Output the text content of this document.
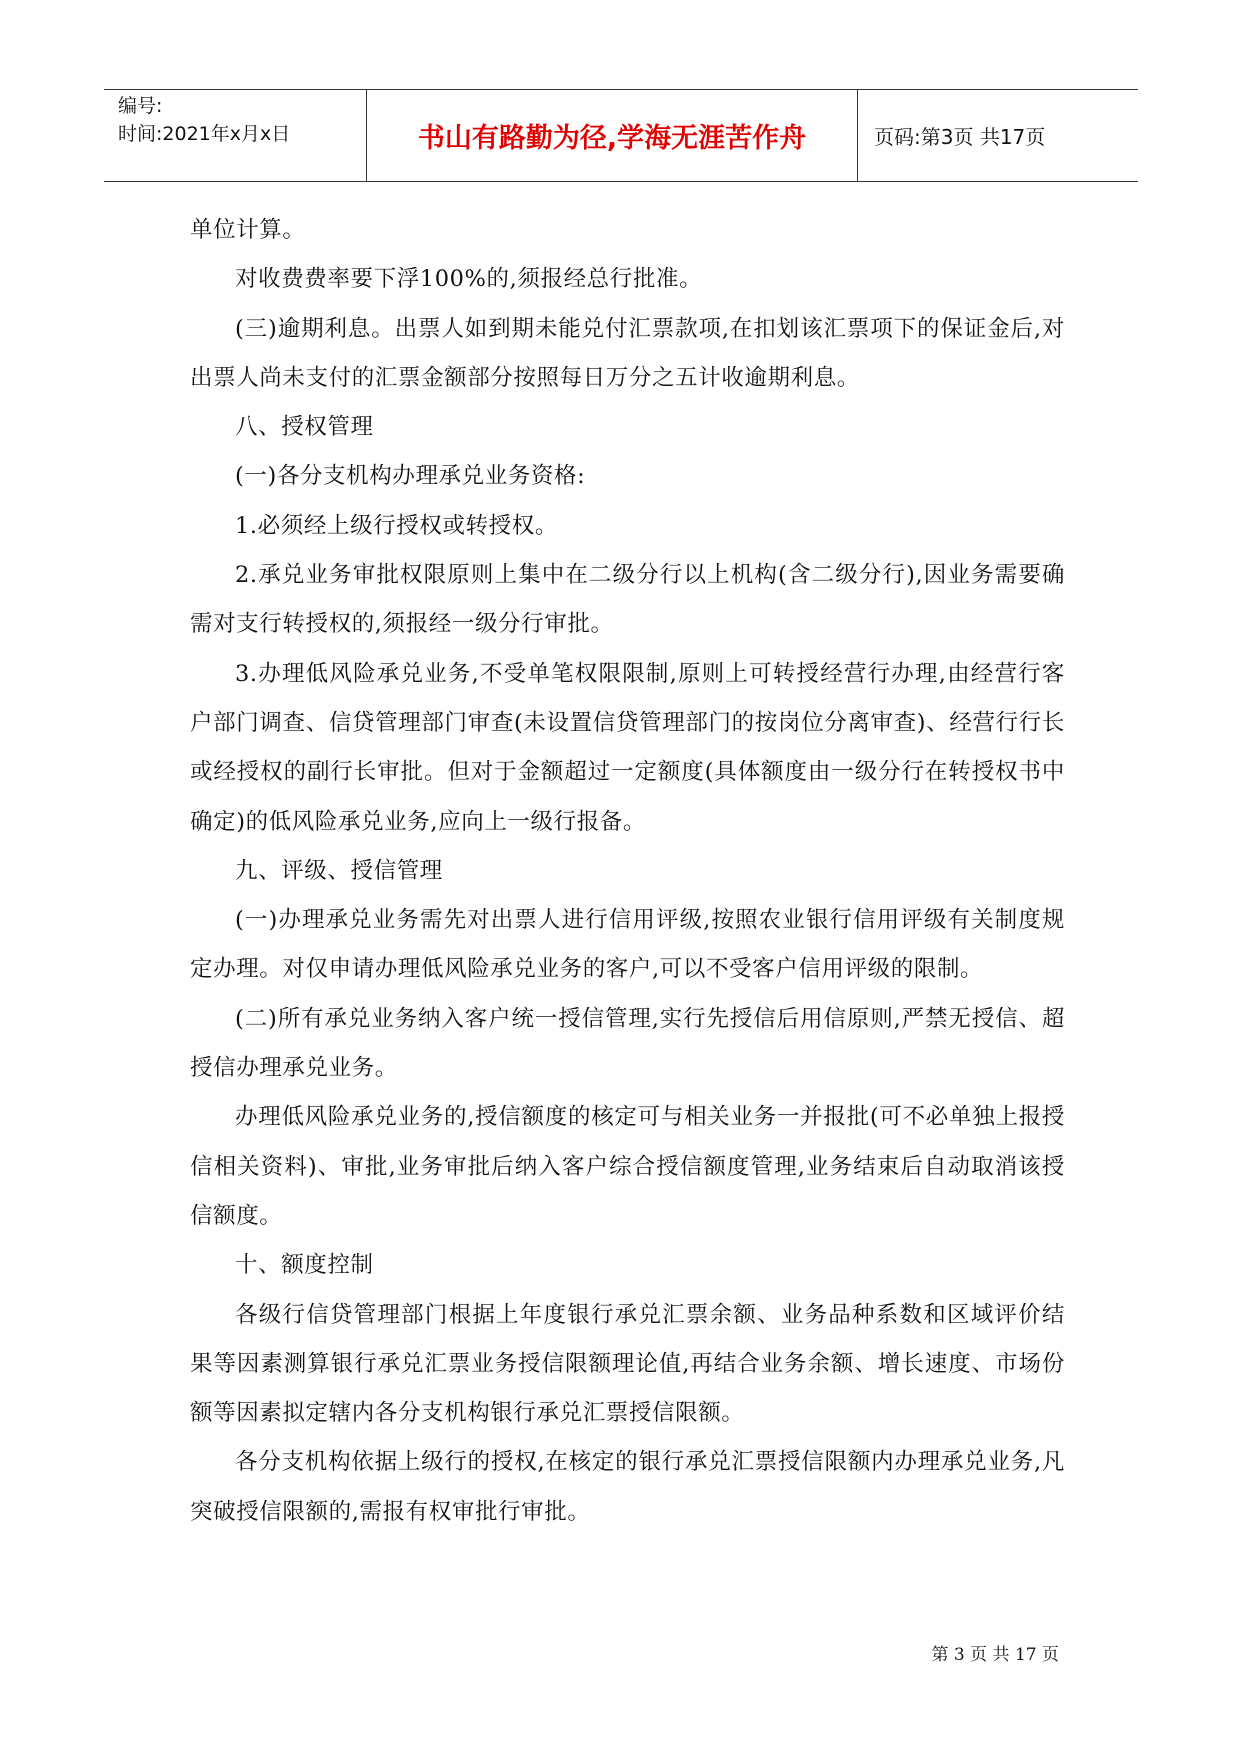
编号:
时间:2021年x月x日	书山有路勤为径,学海无涯苦作舟	页码:第3页 共17页

单位计算。

对收费费率要下浮100%的,须报经总行批准。

(三)逾期利息。出票人如到期未能兑付汇票款项,在扣划该汇票项下的保证金后,对出票人尚未支付的汇票金额部分按照每日万分之五计收逾期利息。

八、授权管理

(一)各分支机构办理承兑业务资格:

1.必须经上级行授权或转授权。

2.承兑业务审批权限原则上集中在二级分行以上机构(含二级分行),因业务需要确需对支行转授权的,须报经一级分行审批。

3.办理低风险承兑业务,不受单笔权限限制,原则上可转授经营行办理,由经营行客户部门调查、信贷管理部门审查(未设置信贷管理部门的按岗位分离审查)、经营行行长或经授权的副行长审批。但对于金额超过一定额度(具体额度由一级分行在转授权书中确定)的低风险承兑业务,应向上一级行报备。

九、评级、授信管理

(一)办理承兑业务需先对出票人进行信用评级,按照农业银行信用评级有关制度规定办理。对仅申请办理低风险承兑业务的客户,可以不受客户信用评级的限制。

(二)所有承兑业务纳入客户统一授信管理,实行先授信后用信原则,严禁无授信、超授信办理承兑业务。

办理低风险承兑业务的,授信额度的核定可与相关业务一并报批(可不必单独上报授信相关资料)、审批,业务审批后纳入客户综合授信额度管理,业务结束后自动取消该授信额度。

十、额度控制

各级行信贷管理部门根据上年度银行承兑汇票余额、业务品种系数和区域评价结果等因素测算银行承兑汇票业务授信限额理论值,再结合业务余额、增长速度、市场份额等因素拟定辖内各分支机构银行承兑汇票授信限额。

各分支机构依据上级行的授权,在核定的银行承兑汇票授信限额内办理承兑业务,凡突破授信限额的,需报有权审批行审批。

第 3 页 共 17 页
